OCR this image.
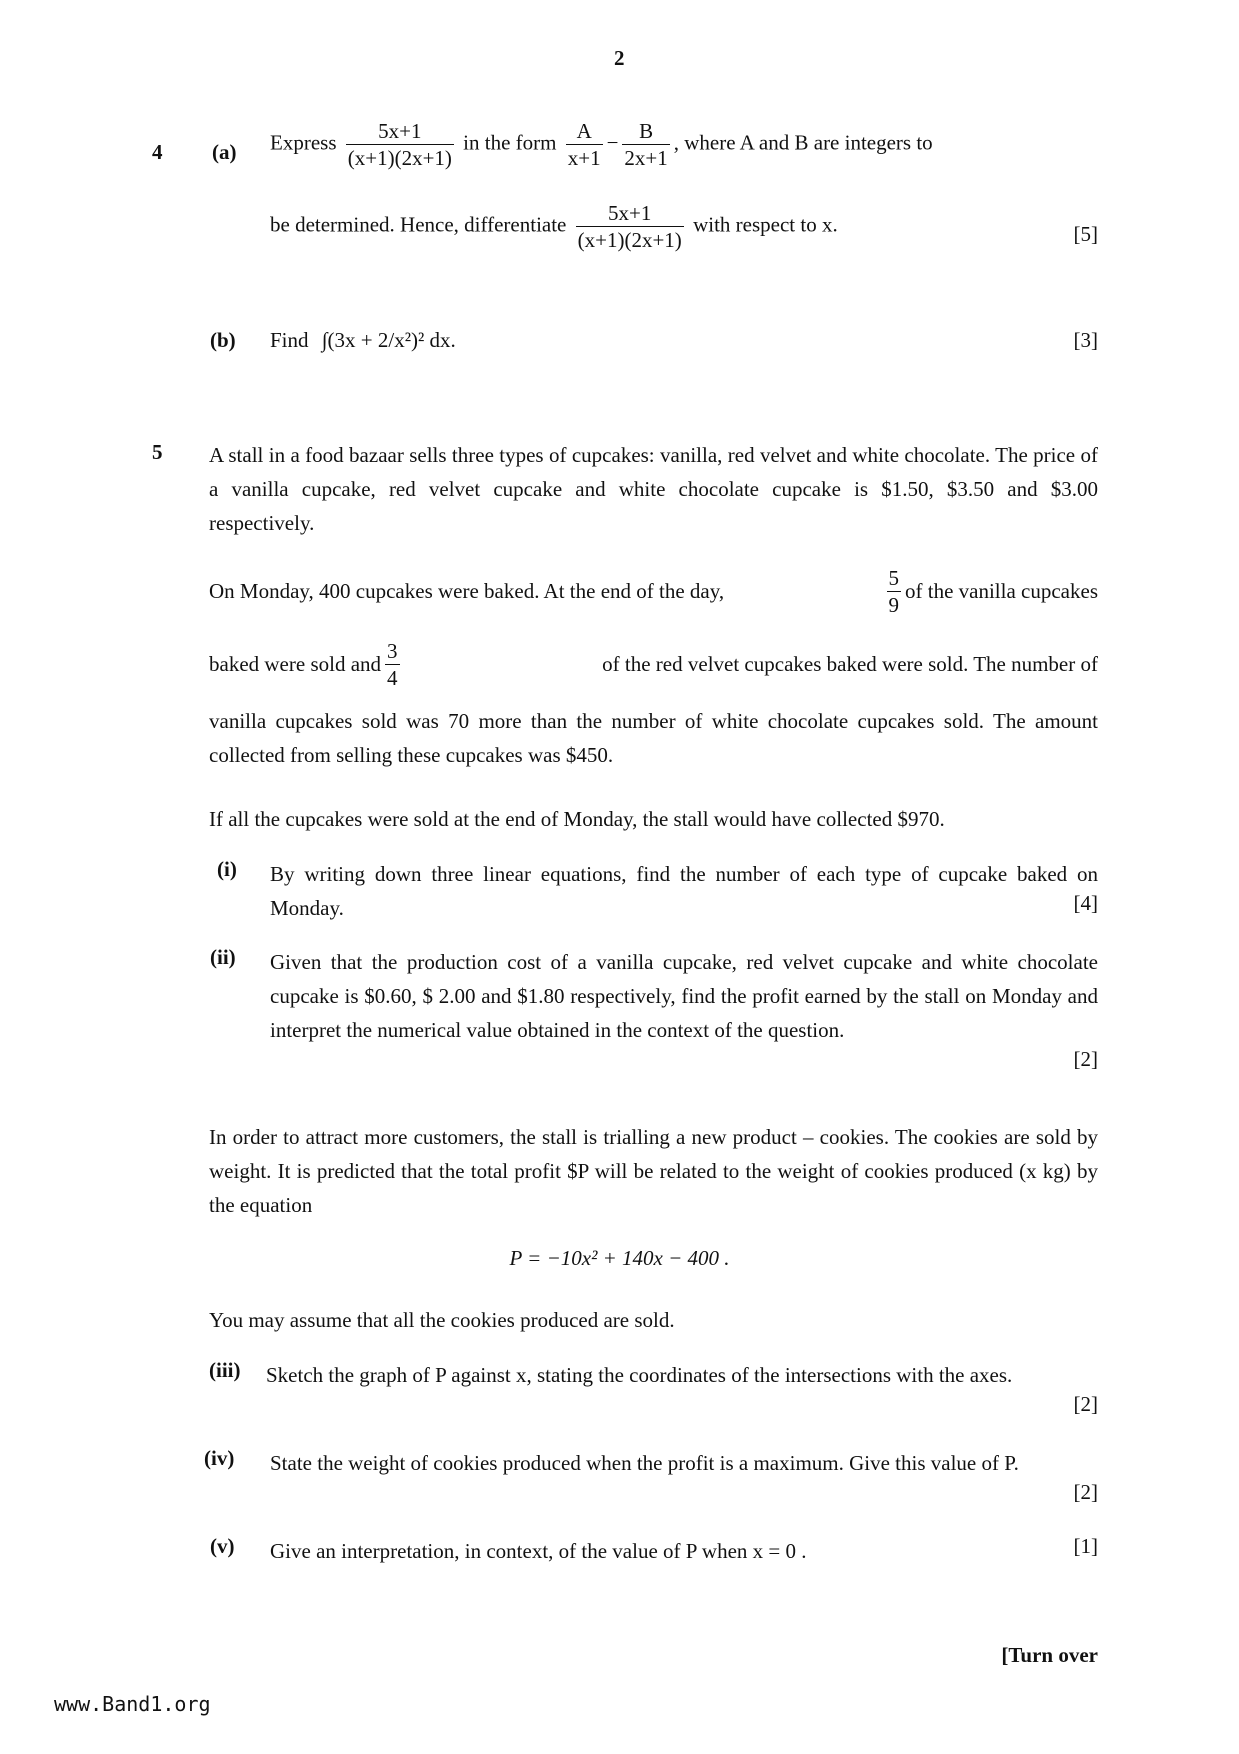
2
4 (a) Express $\frac{5x+1}{(x+1)(2x+1)}$ in the form $\frac{A}{x+1} - \frac{B}{2x+1}$ , where A and B are integers to
be determined. Hence, differentiate $\frac{5x+1}{(x+1)(2x+1)}$ with respect to x.	[5]
(b) Find ∫(3x + 2/x²)² dx.	[3]
5 A stall in a food bazaar sells three types of cupcakes: vanilla, red velvet and white chocolate. The price of a vanilla cupcake, red velvet cupcake and white chocolate cupcake is $1.50, $3.50 and $3.00 respectively.
On Monday, 400 cupcakes were baked. At the end of the day,	$\frac{5}{9}$ of the vanilla cupcakes
baked were sold and $\frac{3}{4}$	of the red velvet cupcakes baked were sold. The number of
vanilla cupcakes sold was 70 more than the number of white chocolate cupcakes sold. The amount collected from selling these cupcakes was $450.
If all the cupcakes were sold at the end of Monday, the stall would have collected $970.
(i) By writing down three linear equations, find the number of each type of cupcake baked on Monday.	[4]
(ii) Given that the production cost of a vanilla cupcake, red velvet cupcake and white chocolate cupcake is $0.60, $ 2.00 and $1.80 respectively, find the profit earned by the stall on Monday and interpret the numerical value obtained in the context of the question.
[2]
In order to attract more customers, the stall is trialling a new product – cookies. The cookies are sold by weight. It is predicted that the total profit $P will be related to the weight of cookies produced (x kg) by the equation
P = −10x² + 140x − 400 .
You may assume that all the cookies produced are sold.
(iii) Sketch the graph of P against x, stating the coordinates of the intersections with the axes.
[2]
(iv) State the weight of cookies produced when the profit is a maximum. Give this value of P.
[2]
(v) Give an interpretation, in context, of the value of P when x = 0 .	[1]
[Turn over
www.Band1.org
